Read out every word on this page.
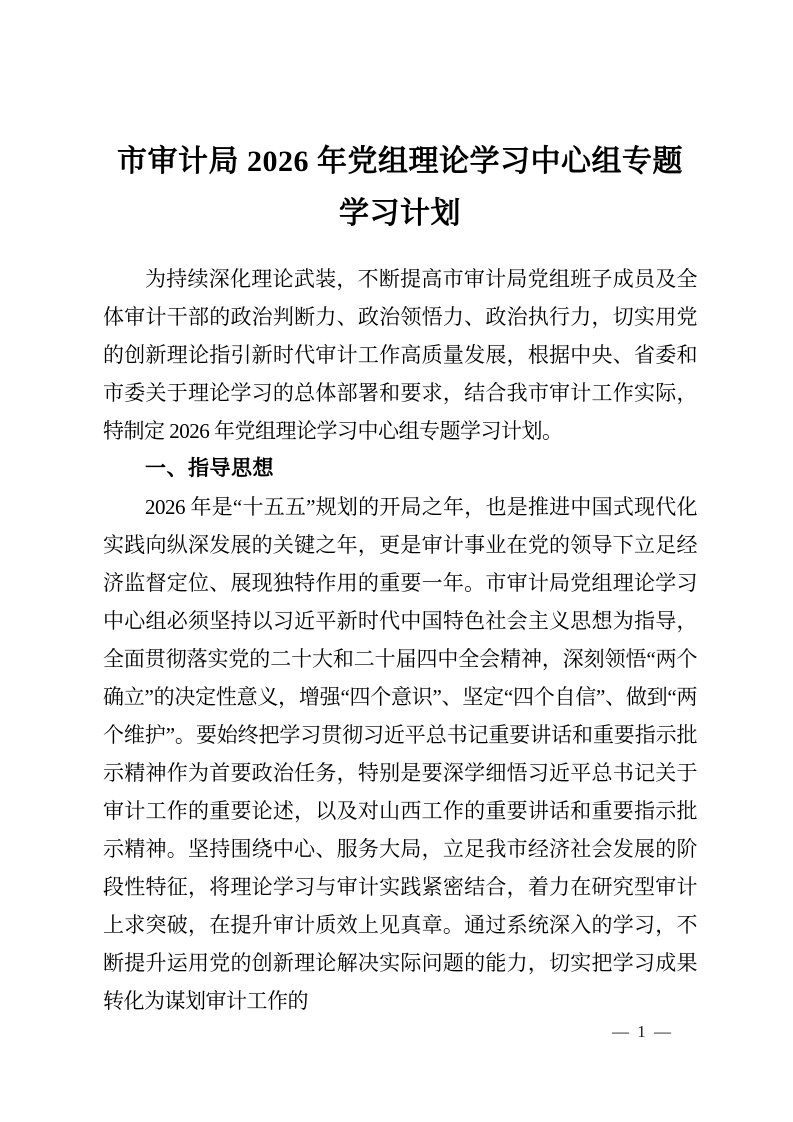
市审计局 2026 年党组理论学习中心组专题学习计划

为持续深化理论武装，不断提高市审计局党组班子成员及全体审计干部的政治判断力、政治领悟力、政治执行力，切实用党的创新理论指引新时代审计工作高质量发展，根据中央、省委和市委关于理论学习的总体部署和要求，结合我市审计工作实际，特制定 2026 年党组理论学习中心组专题学习计划。

一、指导思想

2026 年是“十五五”规划的开局之年，也是推进中国式现代化实践向纵深发展的关键之年，更是审计事业在党的领导下立足经济监督定位、展现独特作用的重要一年。市审计局党组理论学习中心组必须坚持以习近平新时代中国特色社会主义思想为指导，全面贯彻落实党的二十大和二十届四中全会精神，深刻领悟“两个确立”的决定性意义，增强“四个意识”、坚定“四个自信”、做到“两个维护”。要始终把学习贯彻习近平总书记重要讲话和重要指示批示精神作为首要政治任务，特别是要深学细悟习近平总书记关于审计工作的重要论述，以及对山西工作的重要讲话和重要指示批示精神。坚持围绕中心、服务大局，立足我市经济社会发展的阶段性特征，将理论学习与审计实践紧密结合，着力在研究型审计上求突破，在提升审计质效上见真章。通过系统深入的学习，不断提升运用党的创新理论解决实际问题的能力，切实把学习成果转化为谋划审计工作的

— 1 —
